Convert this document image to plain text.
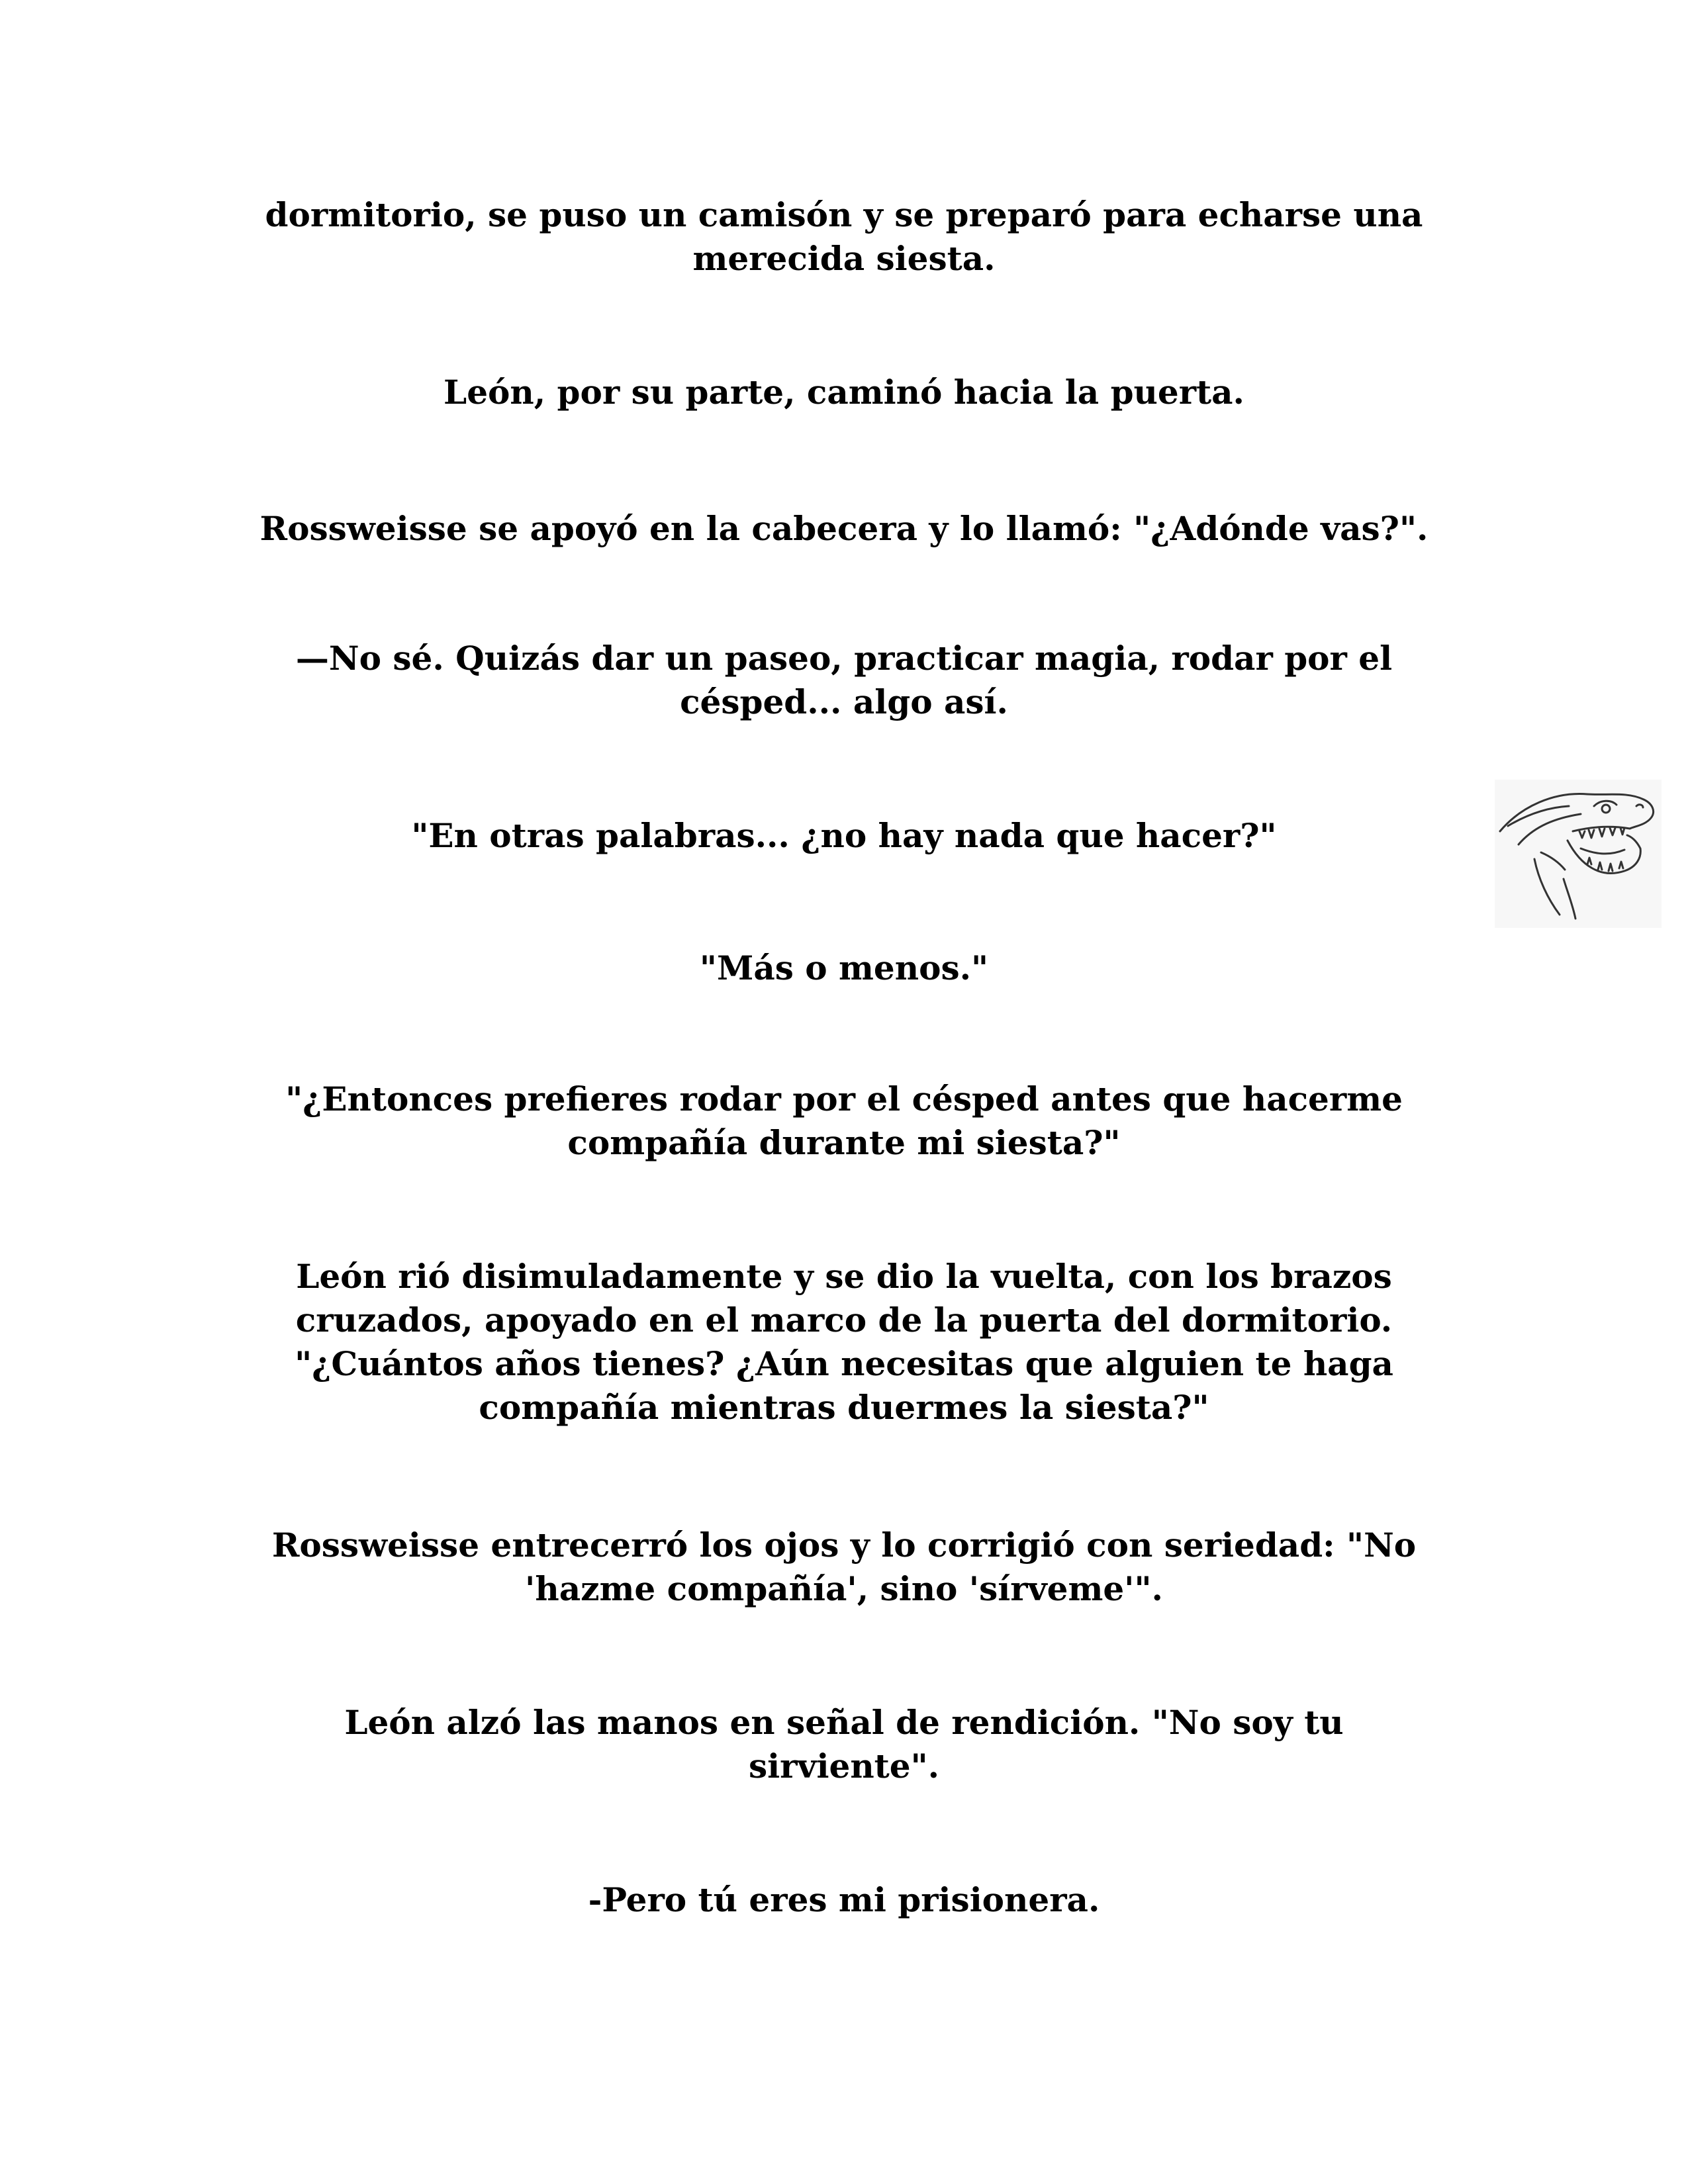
dormitorio, se puso un camisón y se preparó para echarse una
merecida siesta.

León, por su parte, caminó hacia la puerta.

Rossweisse se apoyó en la cabecera y lo llamó: "¿Adónde vas?".

—No sé. Quizás dar un paseo, practicar magia, rodar por el
césped... algo así.

"En otras palabras... ¿no hay nada que hacer?"

"Más o menos."

"¿Entonces prefieres rodar por el césped antes que hacerme
compañía durante mi siesta?"

León rió disimuladamente y se dio la vuelta, con los brazos
cruzados, apoyado en el marco de la puerta del dormitorio.
"¿Cuántos años tienes? ¿Aún necesitas que alguien te haga
compañía mientras duermes la siesta?"

Rossweisse entrecerró los ojos y lo corrigió con seriedad: "No
'hazme compañía', sino 'sírveme'".

León alzó las manos en señal de rendición. "No soy tu
sirviente".

-Pero tú eres mi prisionera.
